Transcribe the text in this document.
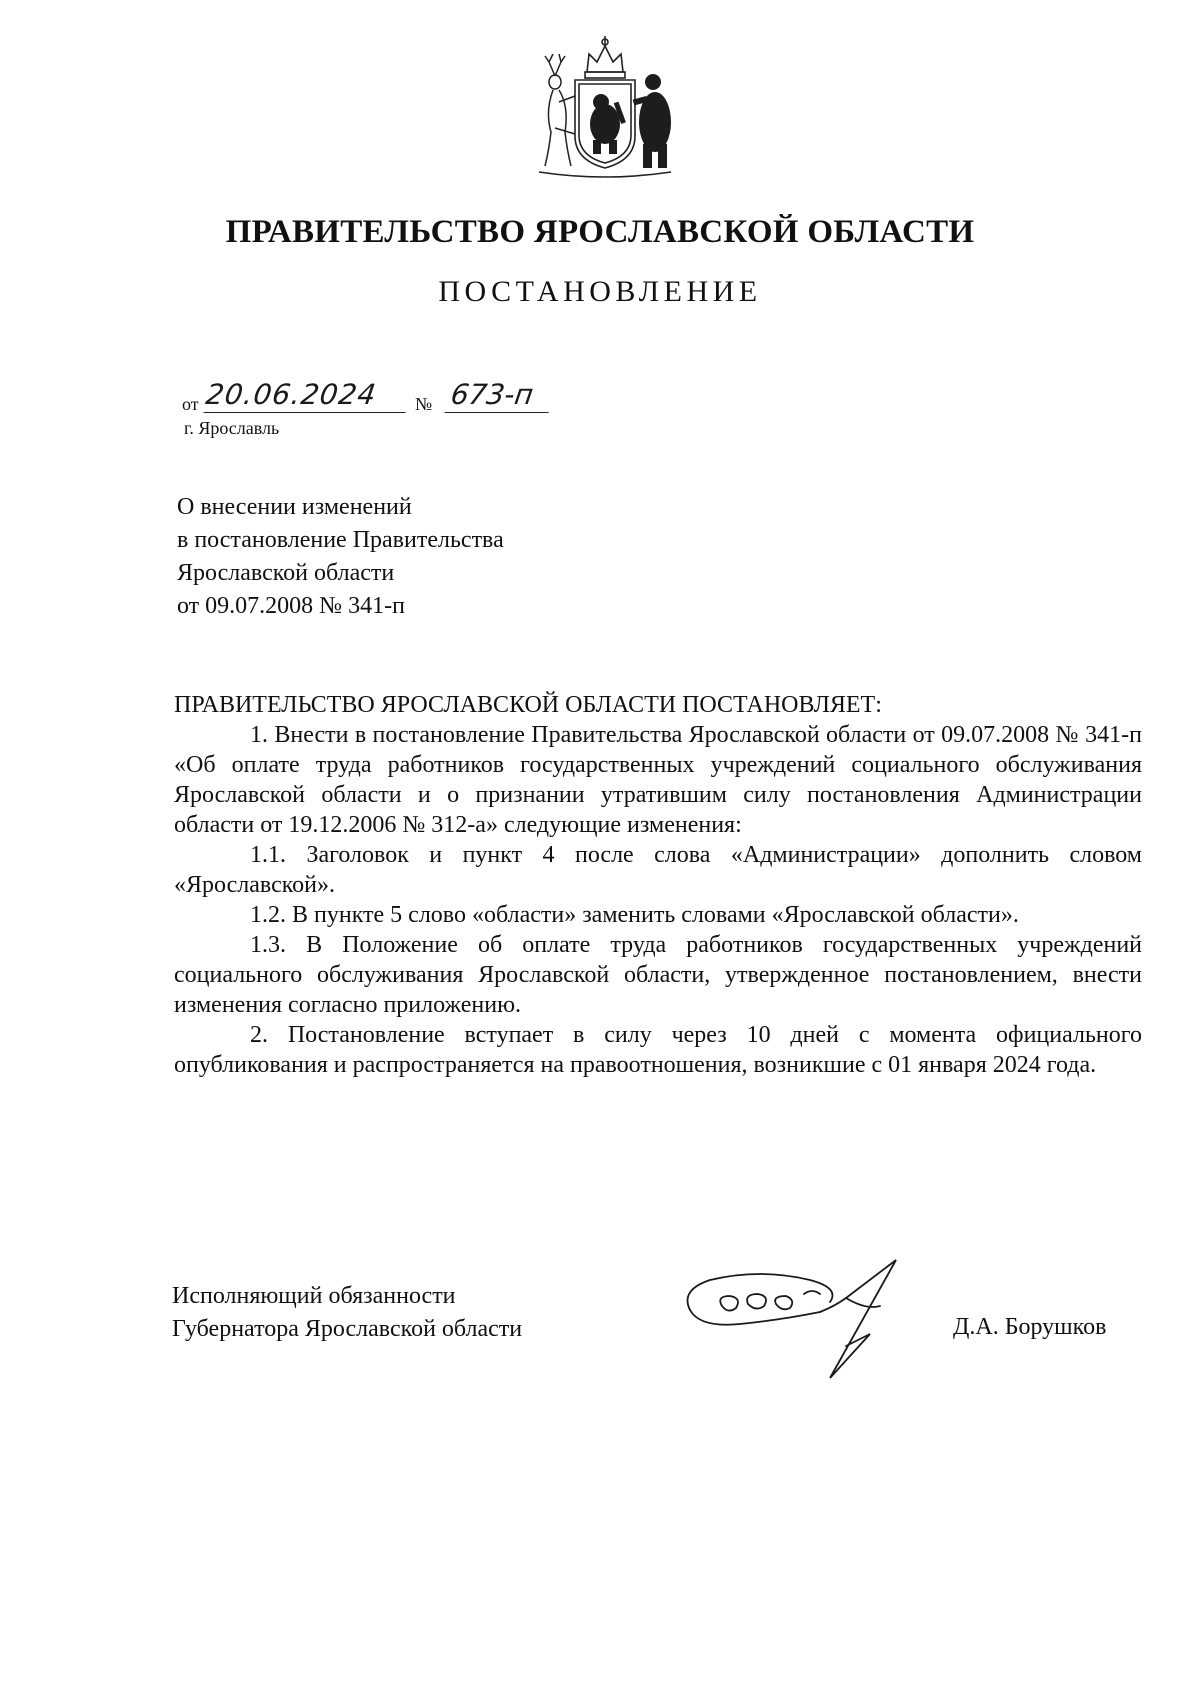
ПРАВИТЕЛЬСТВО ЯРОСЛАВСКОЙ ОБЛАСТИ
ПОСТАНОВЛЕНИЕ
от 20.06.2024	№ 673-п
г. Ярославль
О внесении изменений
в постановление Правительства
Ярославской области
от 09.07.2008 № 341-п
ПРАВИТЕЛЬСТВО ЯРОСЛАВСКОЙ ОБЛАСТИ ПОСТАНОВЛЯЕТ:

1. Внести в постановление Правительства Ярославской области от 09.07.2008 № 341-п «Об оплате труда работников государственных учреждений социального обслуживания Ярославской области и о признании утратившим силу постановления Администрации области от 19.12.2006 № 312-а» следующие изменения:

1.1. Заголовок и пункт 4 после слова «Администрации» дополнить словом «Ярославской».

1.2. В пункте 5 слово «области» заменить словами «Ярославской области».

1.3. В Положение об оплате труда работников государственных учреждений социального обслуживания Ярославской области, утвержденное постановлением, внести изменения согласно приложению.

2. Постановление вступает в силу через 10 дней с момента официального опубликования и распространяется на правоотношения, возникшие с 01 января 2024 года.

Исполняющий обязанности
Губернатора Ярославской области	Д.А. Борушков
